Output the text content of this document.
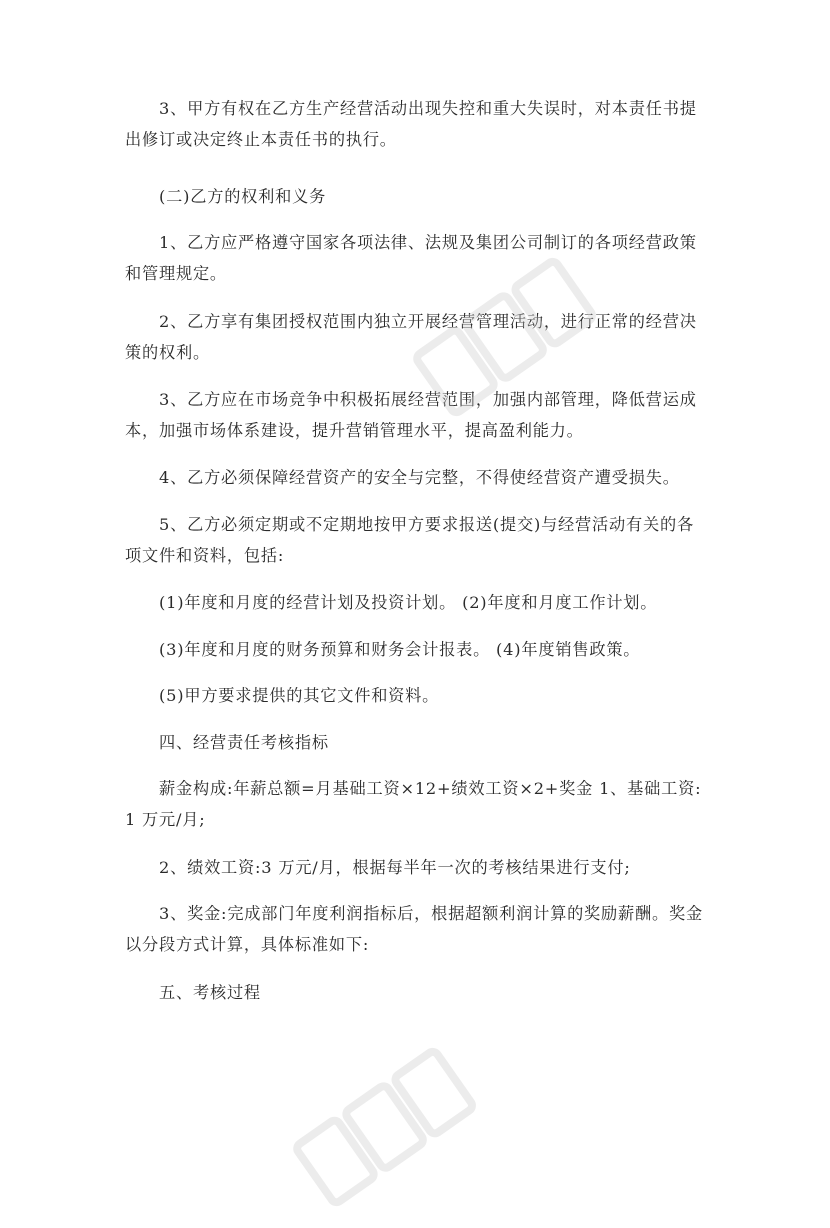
3、甲方有权在乙方生产经营活动出现失控和重大失误时，对本责任书提出修订或决定终止本责任书的执行。

(二)乙方的权利和义务

1、乙方应严格遵守国家各项法律、法规及集团公司制订的各项经营政策和管理规定。

2、乙方享有集团授权范围内独立开展经营管理活动，进行正常的经营决策的权利。

3、乙方应在市场竞争中积极拓展经营范围，加强内部管理，降低营运成本，加强市场体系建设，提升营销管理水平，提高盈利能力。

4、乙方必须保障经营资产的安全与完整，不得使经营资产遭受损失。

5、乙方必须定期或不定期地按甲方要求报送(提交)与经营活动有关的各项文件和资料，包括:

(1)年度和月度的经营计划及投资计划。 (2)年度和月度工作计划。

(3)年度和月度的财务预算和财务会计报表。 (4)年度销售政策。

(5)甲方要求提供的其它文件和资料。

四、经营责任考核指标

薪金构成:年薪总额=月基础工资×12+绩效工资×2+奖金 1、基础工资:1 万元/月;

2、绩效工资:3 万元/月，根据每半年一次的考核结果进行支付;

3、奖金:完成部门年度利润指标后，根据超额利润计算的奖励薪酬。奖金以分段方式计算，具体标准如下:

五、考核过程
